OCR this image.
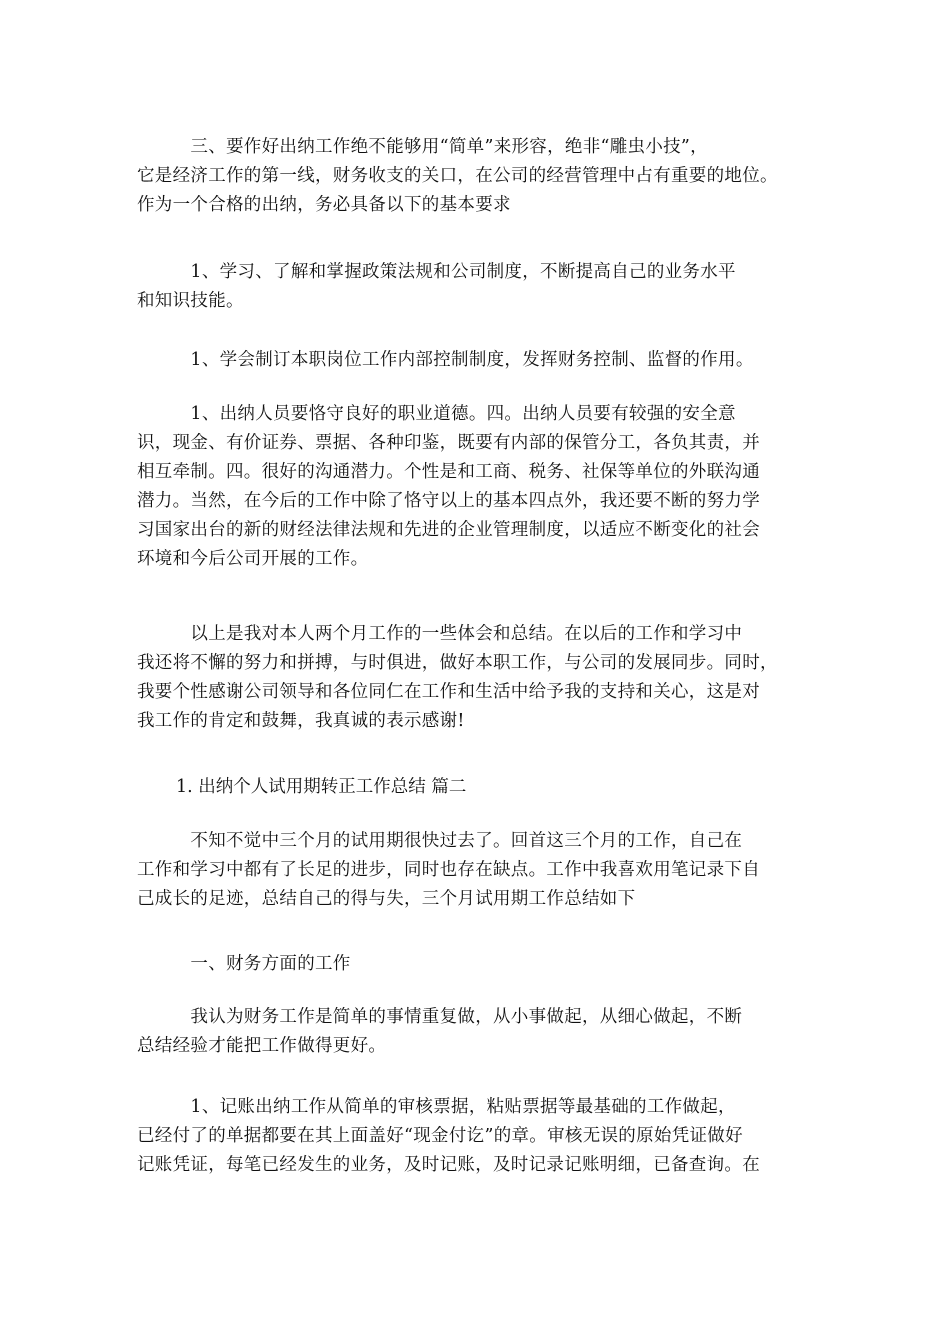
　　　三、要作好出纳工作绝不能够用“简单”来形容，绝非“雕虫小技”，
它是经济工作的第一线，财务收支的关口，在公司的经营管理中占有重要的地位。
作为一个合格的出纳，务必具备以下的基本要求
　　　1、学习、了解和掌握政策法规和公司制度，不断提高自己的业务水平
和知识技能。
　　　1、学会制订本职岗位工作内部控制制度，发挥财务控制、监督的作用。
　　　1、出纳人员要恪守良好的职业道德。四。出纳人员要有较强的安全意
识，现金、有价证券、票据、各种印鉴，既要有内部的保管分工，各负其责，并
相互牵制。四。很好的沟通潜力。个性是和工商、税务、社保等单位的外联沟通
潜力。当然，在今后的工作中除了恪守以上的基本四点外，我还要不断的努力学
习国家出台的新的财经法律法规和先进的企业管理制度，以适应不断变化的社会
环境和今后公司开展的工作。
　　　以上是我对本人两个月工作的一些体会和总结。在以后的工作和学习中
我还将不懈的努力和拼搏，与时俱进，做好本职工作，与公司的发展同步。同时，
我要个性感谢公司领导和各位同仁在工作和生活中给予我的支持和关心，这是对
我工作的肯定和鼓舞，我真诚的表示感谢!
1. 出纳个人试用期转正工作总结 篇二
　　　不知不觉中三个月的试用期很快过去了。回首这三个月的工作，自己在
工作和学习中都有了长足的进步，同时也存在缺点。工作中我喜欢用笔记录下自
己成长的足迹，总结自己的得与失，三个月试用期工作总结如下
　　　一、财务方面的工作
　　　我认为财务工作是简单的事情重复做，从小事做起，从细心做起，不断
总结经验才能把工作做得更好。
　　　1、记账出纳工作从简单的审核票据，粘贴票据等最基础的工作做起，
已经付了的单据都要在其上面盖好“现金付讫”的章。审核无误的原始凭证做好
记账凭证，每笔已经发生的业务，及时记账，及时记录记账明细，已备查询。在
